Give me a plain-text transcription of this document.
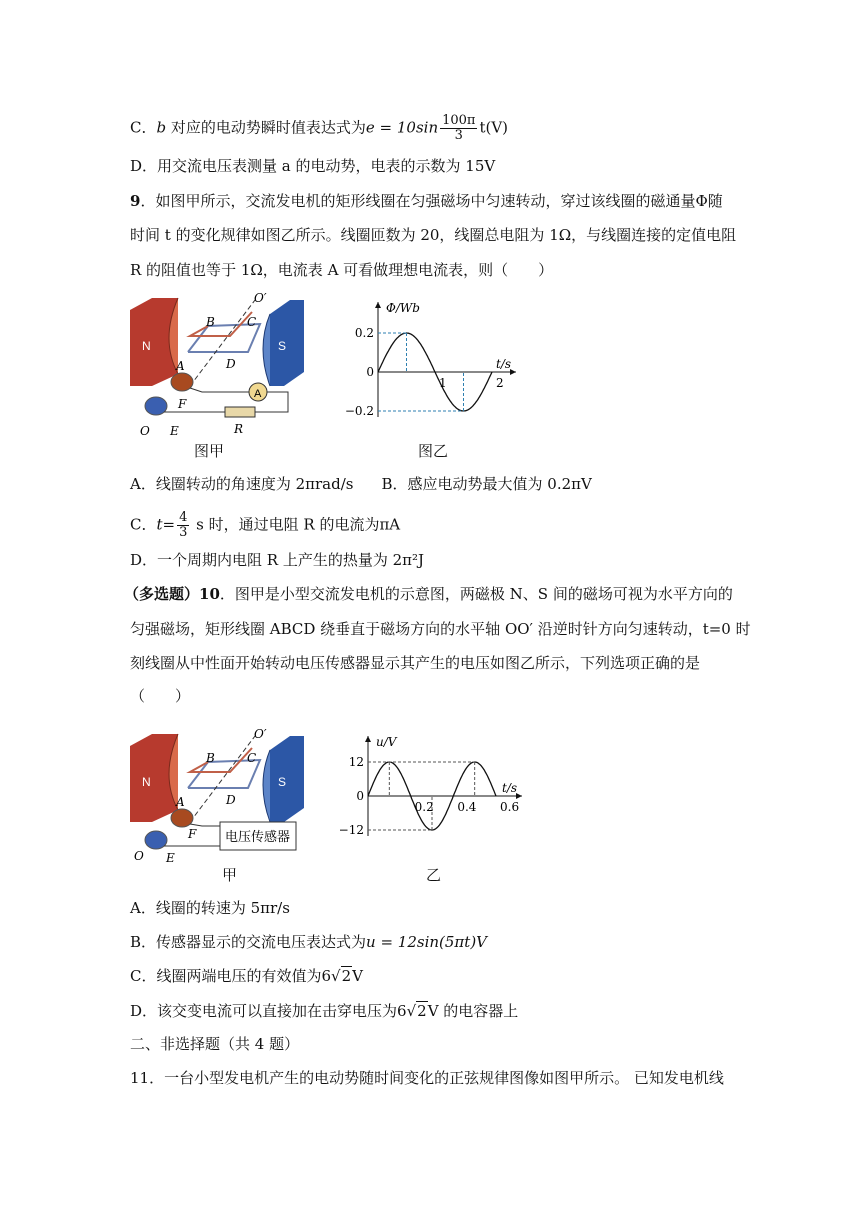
C．b 对应的电动势瞬时值表达式为$e = 10\sin \frac{100\pi}{3} t(V)$
D．用交流电压表测量 a 的电动势，电表的示数为 15V
9．如图甲所示，交流发电机的矩形线圈在匀强磁场中匀速转动，穿过该线圈的磁通量Φ随
时间 t 的变化规律如图乙所示。线圈匝数为 20，线圈总电阻为 1Ω，与线圈连接的定值电阻
R 的阻值也等于 1Ω，电流表 A 可看做理想电流表，则（　　）
N	S
A
B	C
O′
A	D
F
O E	R
图甲
Φ/Wb
t/s
0.2
0
−0.2
1	2
图乙
A．线圈转动的角速度为 2πrad/s B．感应电动势最大值为 0.2πV
C．$t= \frac{4}{3}$ s 时，通过电阻 R 的电流为πA
D．一个周期内电阻 R 上产生的热量为 2π²J
（多选题）10．图甲是小型交流发电机的示意图，两磁极 N、S 间的磁场可视为水平方向的
匀强磁场，矩形线圈 ABCD 绕垂直于磁场方向的水平轴 OO′ 沿逆时针方向匀速转动，t=0 时
刻线圈从中性面开始转动电压传感器显示其产生的电压如图乙所示，下列选项正确的是
（　　）
N	S
电压传感器
B	C
O′
A	D
F
O E
甲
u/V
t/s
12
0
−12
0.2 0.4 0.6
乙
A．线圈的转速为 5πr/s
B．传感器显示的交流电压表达式为u = 12sin(5πt)V
C．线圈两端电压的有效值为6√2V
D．该交变电流可以直接加在击穿电压为6√2V 的电容器上
二、非选择题（共 4 题）
11．一台小型发电机产生的电动势随时间变化的正弦规律图像如图甲所示。 已知发电机线
